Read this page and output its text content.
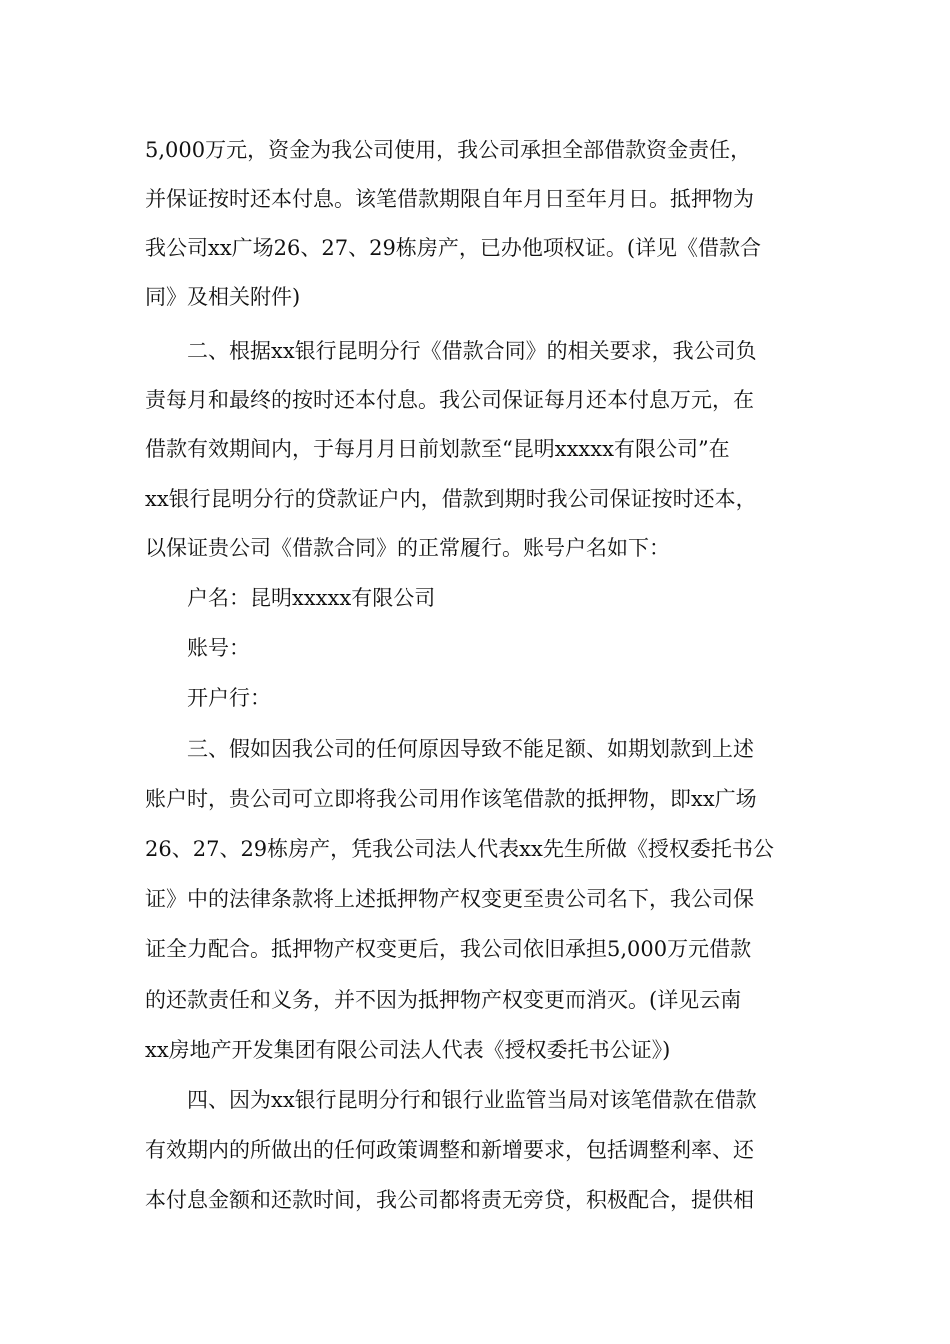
5,000万元，资金为我公司使用，我公司承担全部借款资金责任，
并保证按时还本付息。该笔借款期限自年月日至年月日。抵押物为
我公司xx广场26、27、29栋房产，已办他项权证。(详见《借款合
同》及相关附件)
二、根据xx银行昆明分行《借款合同》的相关要求，我公司负
责每月和最终的按时还本付息。我公司保证每月还本付息万元，在
借款有效期间内，于每月月日前划款至“昆明xxxxx有限公司”在
xx银行昆明分行的贷款证户内，借款到期时我公司保证按时还本，
以保证贵公司《借款合同》的正常履行。账号户名如下：
户名：昆明xxxxx有限公司
账号：
开户行：
三、假如因我公司的任何原因导致不能足额、如期划款到上述
账户时，贵公司可立即将我公司用作该笔借款的抵押物，即xx广场
26、27、29栋房产，凭我公司法人代表xx先生所做《授权委托书公
证》中的法律条款将上述抵押物产权变更至贵公司名下，我公司保
证全力配合。抵押物产权变更后，我公司依旧承担5,000万元借款
的还款责任和义务，并不因为抵押物产权变更而消灭。(详见云南
xx房地产开发集团有限公司法人代表《授权委托书公证》)
四、因为xx银行昆明分行和银行业监管当局对该笔借款在借款
有效期内的所做出的任何政策调整和新增要求，包括调整利率、还
本付息金额和还款时间，我公司都将责无旁贷，积极配合，提供相
